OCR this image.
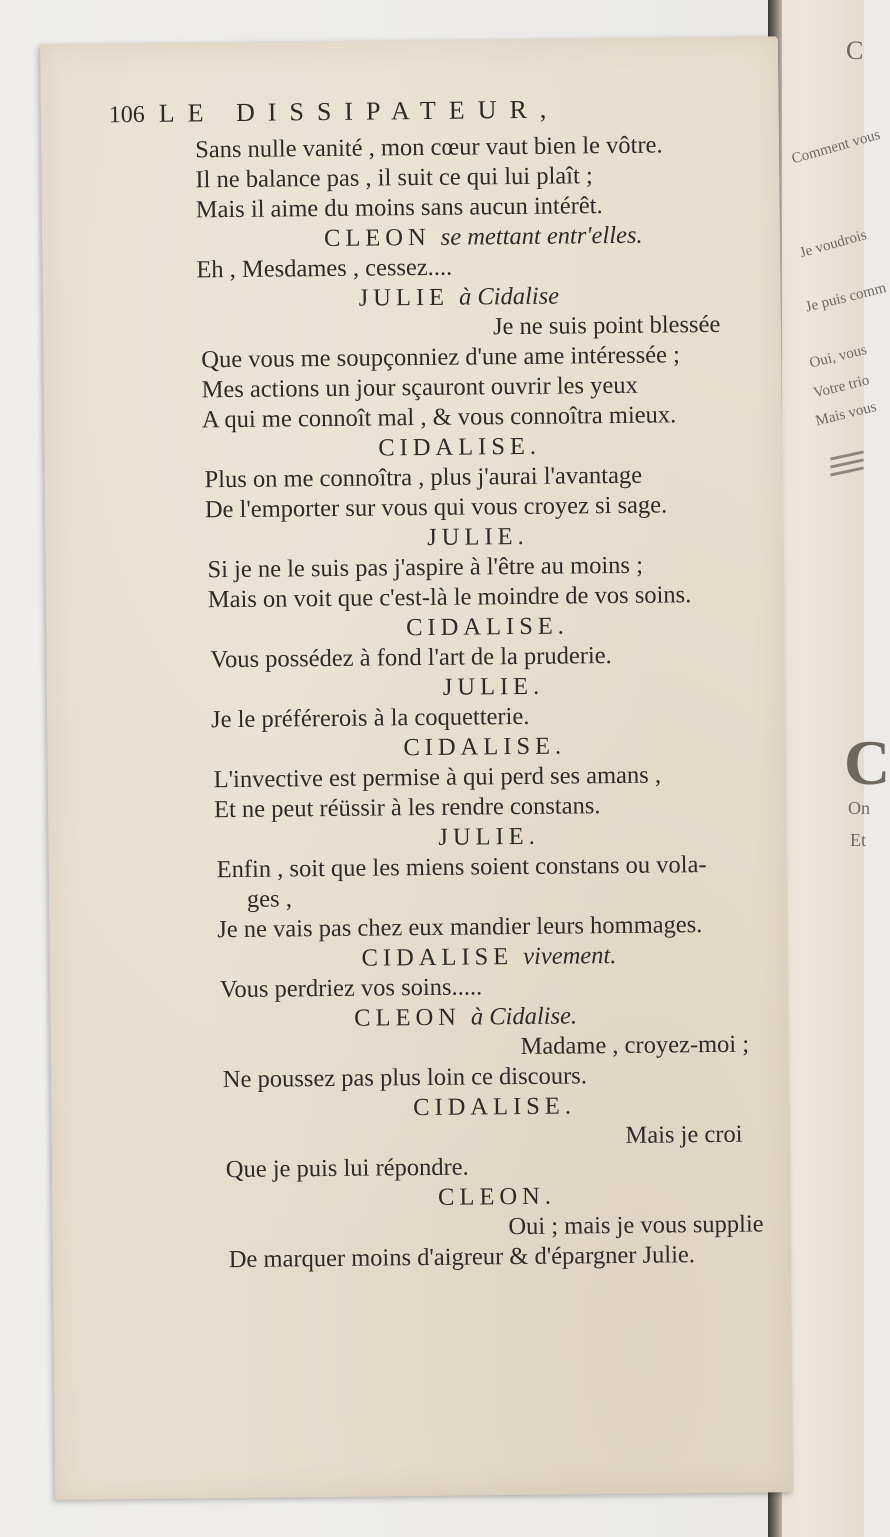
C
Comment vous
Je voudrois
Je puis comm
Oui, vous
Votre trio
Mais vous
C
On
Et
106 LE DISSIPATEUR,
Sans nulle vanité , mon cœur vaut bien le vôtre.
Il ne balance pas , il suit ce qui lui plaît ;
Mais il aime du moins sans aucun intérêt.
CLEON se mettant entr'elles.
Eh , Mesdames , cessez....
JULIE à Cidalise
Je ne suis point blessée
Que vous me soupçonniez d'une ame intéressée ;
Mes actions un jour sçauront ouvrir les yeux
A qui me connoît mal , & vous connoîtra mieux.
CIDALISE.
Plus on me connoîtra , plus j'aurai l'avantage
De l'emporter sur vous qui vous croyez si sage.
JULIE.
Si je ne le suis pas j'aspire à l'être au moins ;
Mais on voit que c'est-là le moindre de vos soins.
CIDALISE.
Vous possédez à fond l'art de la pruderie.
JULIE.
Je le préférerois à la coquetterie.
CIDALISE.
L'invective est permise à qui perd ses amans ,
Et ne peut réüssir à les rendre constans.
JULIE.
Enfin , soit que les miens soient constans ou vola-
ges ,
Je ne vais pas chez eux mandier leurs hommages.
CIDALISE vivement.
Vous perdriez vos soins.....
CLEON à Cidalise.
Madame , croyez-moi ;
Ne poussez pas plus loin ce discours.
CIDALISE.
Mais je croi
Que je puis lui répondre.
CLEON.
Oui ; mais je vous supplie
De marquer moins d'aigreur & d'épargner Julie.
